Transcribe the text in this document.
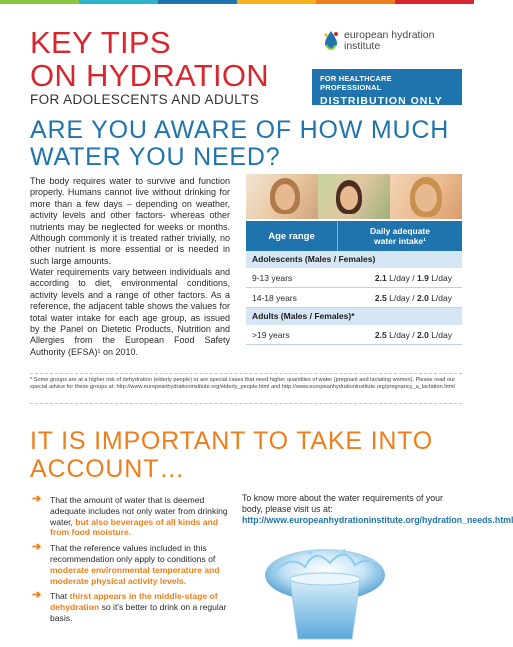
KEY TIPS
ON HYDRATION
FOR ADOLESCENTS AND ADULTS
european hydration
institute
FOR HEALTHCARE PROFESSIONAL
DISTRIBUTION ONLY
ARE YOU AWARE OF HOW MUCH
WATER YOU NEED?

The body requires water to survive and function properly. Humans cannot live without drinking for more than a few days – depending on weather, activity levels and other factors- whereas other nutrients may be neglected for weeks or months. Although commonly it is treated rather trivially, no other nutrient is more essential or is needed in such large amounts.

Water requirements vary between individuals and according to diet, environmental conditions, activity levels and a range of other factors. As a reference, the adjacent table shows the values for total water intake for each age group, as issued by the Panel on Dietetic Products, Nutrition and Allergies from the European Food Safety Authority (EFSA)¹ on 2010.

Age range	Daily adequate
water intake¹
Adolescents (Males / Females)
9-13 years	2.1 L/day / 1.9 L/day
14-18 years	2.5 L/day / 2.0 L/day
Adults (Males / Females)*
>19 years	2.5 L/day / 2.0 L/day

* Some groups are at a higher risk of dehydration (elderly people) or are special cases that need higher quantities of water (pregnant and lactating women). Please read our special advice for these groups at: http://www.europeanhydrationinstitute.org/elderly_people.html and http://www.europeanhydrationinstitute.org/pregnancy_a_lactation.html

IT IS IMPORTANT TO TAKE INTO
ACCOUNT…
➔ That the amount of water that is deemed adequate includes not only water from drinking water, but also beverages of all kinds and from food moisture.
➔ That the reference values included in this recommendation only apply to conditions of moderate environmental temperature and moderate physical activity levels.
➔ That thirst appears in the middle-stage of dehydration so it's better to drink on a regular basis.
To know more about the water requirements of your body, please visit us at:
http://www.europeanhydrationinstitute.org/hydration_needs.html
